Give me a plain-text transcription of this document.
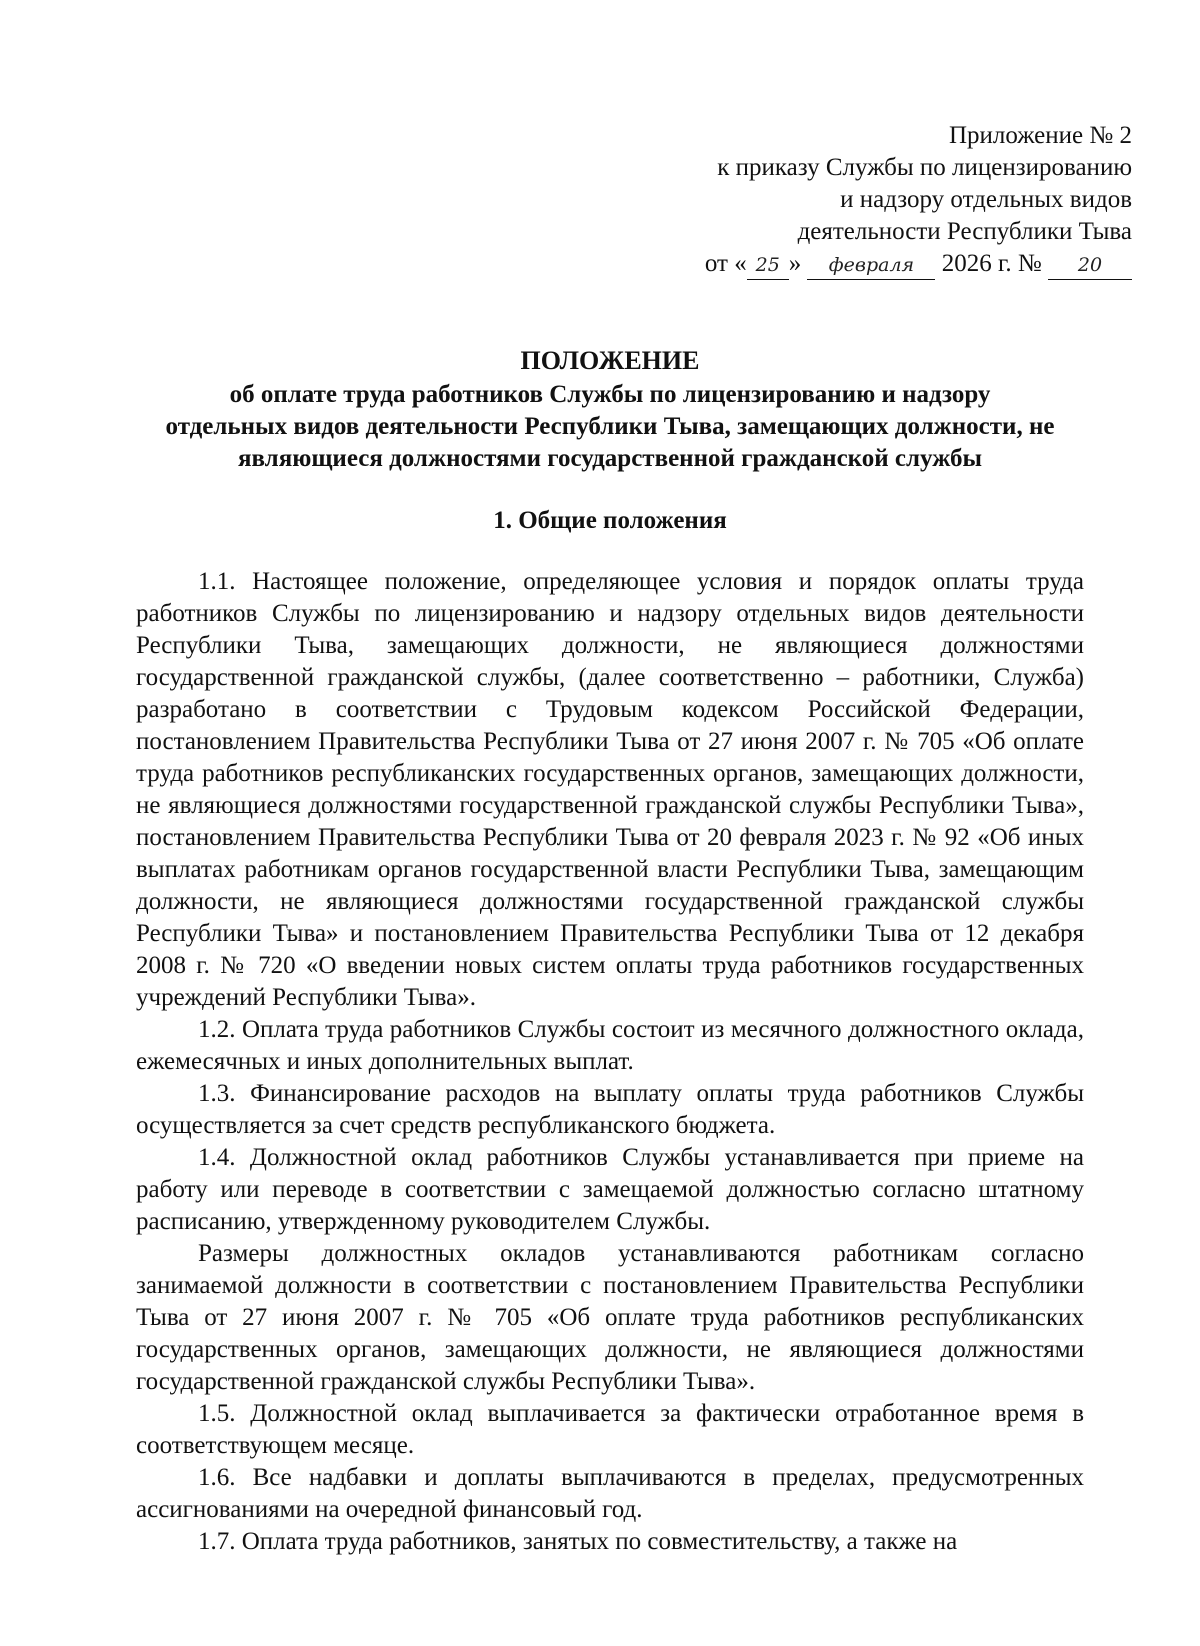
Приложение № 2
к приказу Службы по лицензированию
и надзору отдельных видов
деятельности Республики Тыва
от « 25 » февраля 2026 г. № 20
ПОЛОЖЕНИЕ
об оплате труда работников Службы по лицензированию и надзору
отдельных видов деятельности Республики Тыва, замещающих должности, не
являющиеся должностями государственной гражданской службы
1. Общие положения

1.1. Настоящее положение, определяющее условия и порядок оплаты труда работников Службы по лицензированию и надзору отдельных видов деятельности Республики Тыва, замещающих должности, не являющиеся должностями государственной гражданской службы, (далее соответственно – работники, Служба) разработано в соответствии с Трудовым кодексом Российской Федерации, постановлением Правительства Республики Тыва от 27 июня 2007 г. № 705 «Об оплате труда работников республиканских государственных органов, замещающих должности, не являющиеся должностями государственной гражданской службы Республики Тыва», постановлением Правительства Республики Тыва от 20 февраля 2023 г. № 92 «Об иных выплатах работникам органов государственной власти Республики Тыва, замещающим должности, не являющиеся должностями государственной гражданской службы Республики Тыва» и постановлением Правительства Республики Тыва от 12 декабря 2008 г. № 720 «О введении новых систем оплаты труда работников государственных учреждений Республики Тыва».

1.2. Оплата труда работников Службы состоит из месячного должностного оклада, ежемесячных и иных дополнительных выплат.

1.3. Финансирование расходов на выплату оплаты труда работников Службы осуществляется за счет средств республиканского бюджета.

1.4. Должностной оклад работников Службы устанавливается при приеме на работу или переводе в соответствии с замещаемой должностью согласно штатному расписанию, утвержденному руководителем Службы.

Размеры должностных окладов устанавливаются работникам согласно занимаемой должности в соответствии с постановлением Правительства Республики Тыва от 27 июня 2007 г. № 705 «Об оплате труда работников республиканских государственных органов, замещающих должности, не являющиеся должностями государственной гражданской службы Республики Тыва».

1.5. Должностной оклад выплачивается за фактически отработанное время в соответствующем месяце.

1.6. Все надбавки и доплаты выплачиваются в пределах, предусмотренных ассигнованиями на очередной финансовый год.

1.7. Оплата труда работников, занятых по совместительству, а также на
